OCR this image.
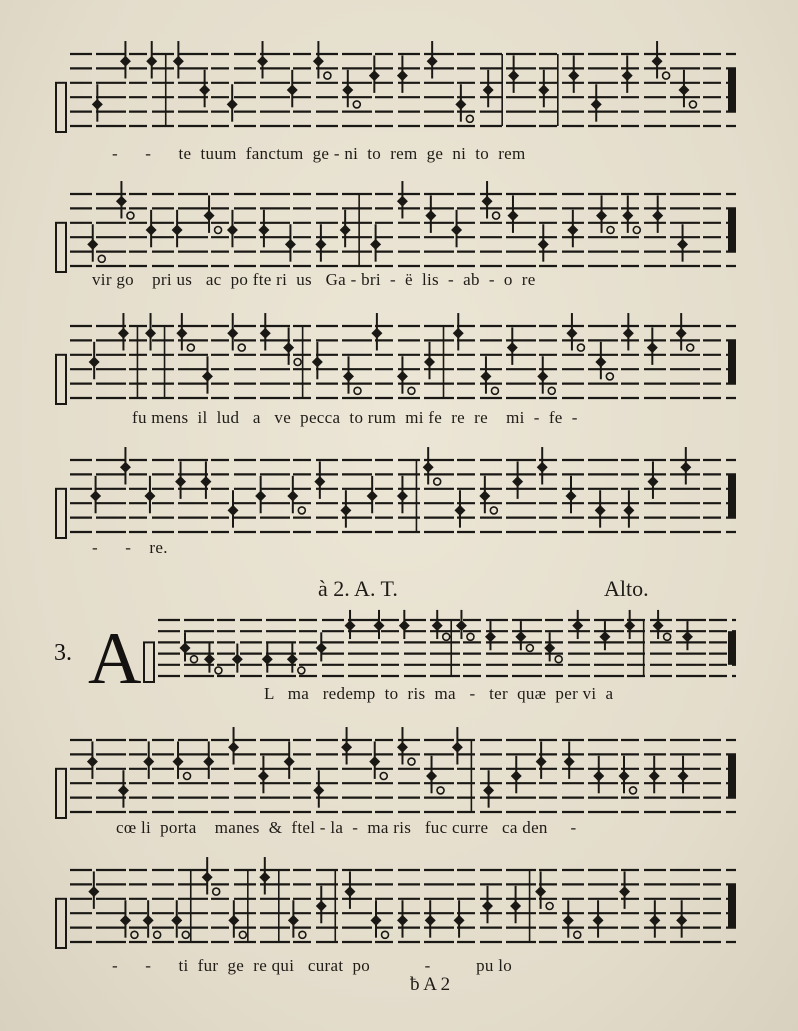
-      -      te  tuum  fanctum  ge - ni  to  rem  ge  ni  to  rem
vir go    pri us   ac  po fte ri  us   Ga - bri  -  ë  lis  -  ab  -  o  re
fu mens  il  lud   a   ve  pecca  to rum  mi fe  re  re    mi  -  fe  -
-      -    re.
à 2. A. T.	Alto.
3. A	L   ma   redemp  to  ris  ma   -   ter  quæ  per vi  a
cœ li  porta    manes  &  ftel - la  -  ma ris   fuc curre   ca den     -
-      -      ti  fur  ge  re qui   curat  po            -          pu lo
ƀ A 2
